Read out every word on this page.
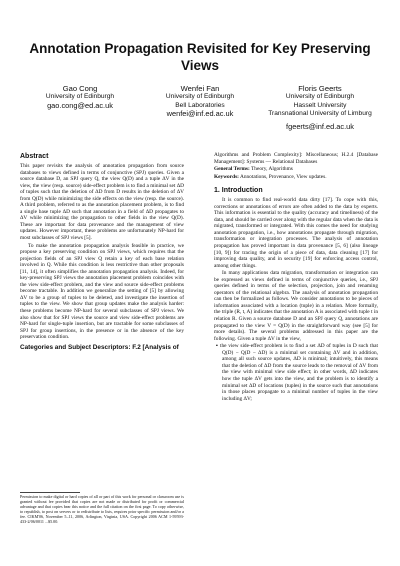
Annotation Propagation Revisited for Key Preserving Views
Gao Cong
University of Edinburgh
gao.cong@ed.ac.uk
Wenfei Fan
University of Edinburgh
Bell Laboratories
wenfei@inf.ed.ac.uk
Floris Geerts
University of Edinburgh
Hasselt University
Transnational University of Limburg
fgeerts@inf.ed.ac.uk
Abstract

This paper revisits the analysis of annotation propagation from source databases to views defined in terms of conjunctive (SPJ) queries. Given a source database D, an SPJ query Q, the view Q(D) and a tuple ΔV in the view, the view (resp. source) side-effect problem is to find a minimal set ΔD of tuples such that the deletion of ΔD from D results in the deletion of ΔV from Q(D) while minimizing the side effects on the view (resp. the source). A third problem, referred to as the annotation placement problem, is to find a single base tuple ΔD such that annotation in a field of ΔD propagates to ΔV while minimizing the propagation to other fields in the view Q(D). These are important for data provenance and the management of view updates. However important, these problems are unfortunately NP-hard for most subclasses of SPJ views [5].

To make the annotation propagation analysis feasible in practice, we propose a key preserving condition on SPJ views, which requires that the projection fields of an SPJ view Q retain a key of each base relation involved in Q. While this condition is less restrictive than other proposals [11, 14], it often simplifies the annotation propagation analysis. Indeed, for key-preserving SPJ views the annotation placement problem coincides with the view side-effect problem, and the view and source side-effect problems become tractable. In addition we generalize the setting of [5] by allowing ΔV to be a group of tuples to be deleted, and investigate the insertion of tuples to the view. We show that group updates make the analysis harder: these problems become NP-hard for several subclasses of SPJ views. We also show that for SPJ views the source and view side-effect problems are NP-hard for single-tuple insertion, but are tractable for some subclasses of SPJ for group insertions, in the presence or in the absence of the key preservation condition.

Categories and Subject Descriptors: F.2 [Analysis of
Permission to make digital or hard copies of all or part of this work for personal or classroom use is granted without fee provided that copies are not made or distributed for profit or commercial advantage and that copies bear this notice and the full citation on the first page. To copy otherwise, to republish, to post on servers or to redistribute to lists, requires prior specific permission and/or a fee. CIKM'06, November 5–11, 2006, Arlington, Virginia, USA. Copyright 2006 ACM 1-59593-433-2/06/0011 ...$5.00.

Algorithms and Problem Complexity]: Miscellaneous; H.2.4 [Database Management]: Systems — Relational Databases

General Terms: Theory, Algorithms

Keywords: Annotations, Provenance, View updates.

1. Introduction

It is common to find real-world data dirty [17]. To cope with this, corrections or annotations of errors are often added to the data by experts. This information is essential to the quality (accuracy and timeliness) of the data, and should be carried over along with the regular data when the data is migrated, transformed or integrated. With this comes the need for studying annotation propagation, i.e., how annotations propagate through migration, transformation or integration processes. The analysis of annotation propagation has proved important in data provenance [5, 6] (also lineage [10, 9]) for tracing the origin of a piece of data, data cleaning [17] for improving data quality, and in security [19] for enforcing access control, among other things.

In many applications data migration, transformation or integration can be expressed as views defined in terms of conjunctive queries, i.e., SPJ queries defined in terms of the selection, projection, join and renaming operators of the relational algebra. The analysis of annotation propagation can then be formalized as follows. We consider annotations to be pieces of information associated with a location (tuple) in a relation. More formally, the triple (R, t, A) indicates that the annotation A is associated with tuple t in relation R. Given a source database D and an SPJ query Q, annotations are propagated to the view V = Q(D) in the straightforward way (see [5] for more details). The several problems addressed in this paper are the following. Given a tuple ΔV in the view,

▪ the view side-effect problem is to find a set ΔD of tuples in D such that Q(D) − Q(D − ΔD) is a minimal set containing ΔV and in addition, among all such source updates, ΔD is minimal; intuitively, this means that the deletion of ΔD from the source leads to the removal of ΔV from the view with minimal view side effect; in other words, ΔD indicates how the tuple ΔV gets into the view, and the problem is to identify a minimal set ΔD of locations (tuples) in the source such that annotations in those places propagate to a minimal number of tuples in the view including ΔV;
